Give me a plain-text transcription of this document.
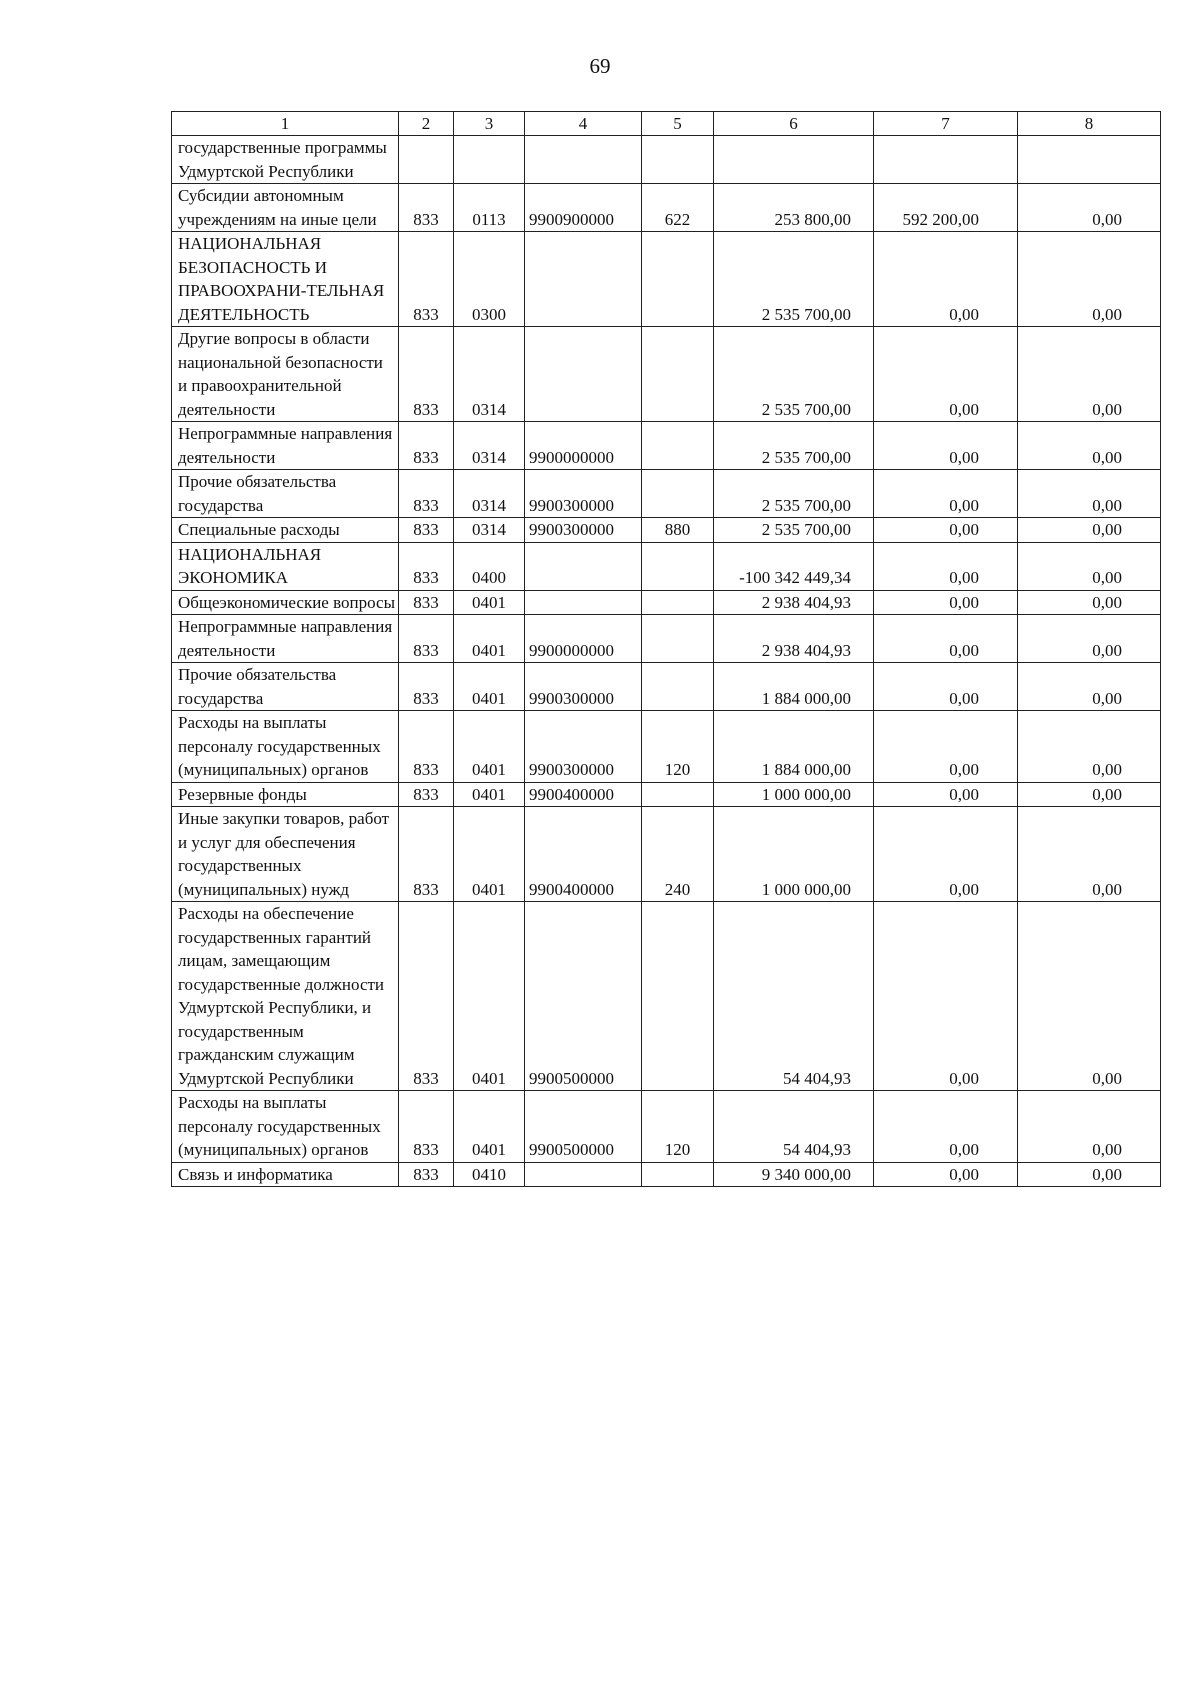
69
1	2	3	4	5	6	7	8
государственные программы Удмуртской Республики							
Субсидии автономным учреждениям на иные цели	833	0113	9900900000	622	253 800,00	592 200,00	0,00
НАЦИОНАЛЬНАЯ БЕЗОПАСНОСТЬ И ПРАВООХРАНИ-ТЕЛЬНАЯ ДЕЯТЕЛЬНОСТЬ	833	0300			2 535 700,00	0,00	0,00
Другие вопросы в области национальной безопасности и правоохранительной деятельности	833	0314			2 535 700,00	0,00	0,00
Непрограммные направления деятельности	833	0314	9900000000		2 535 700,00	0,00	0,00
Прочие обязательства государства	833	0314	9900300000		2 535 700,00	0,00	0,00
Специальные расходы	833	0314	9900300000	880	2 535 700,00	0,00	0,00
НАЦИОНАЛЬНАЯ ЭКОНОМИКА	833	0400			-100 342 449,34	0,00	0,00
Общеэкономические вопросы	833	0401			2 938 404,93	0,00	0,00
Непрограммные направления деятельности	833	0401	9900000000		2 938 404,93	0,00	0,00
Прочие обязательства государства	833	0401	9900300000		1 884 000,00	0,00	0,00
Расходы на выплаты персоналу государственных (муниципальных) органов	833	0401	9900300000	120	1 884 000,00	0,00	0,00
Резервные фонды	833	0401	9900400000		1 000 000,00	0,00	0,00
Иные закупки товаров, работ и услуг для обеспечения государственных (муниципальных) нужд	833	0401	9900400000	240	1 000 000,00	0,00	0,00
Расходы на обеспечение государственных гарантий лицам, замещающим государственные должности Удмуртской Республики, и государственным гражданским служащим Удмуртской Республики	833	0401	9900500000		54 404,93	0,00	0,00
Расходы на выплаты персоналу государственных (муниципальных) органов	833	0401	9900500000	120	54 404,93	0,00	0,00
Связь и информатика	833	0410			9 340 000,00	0,00	0,00
